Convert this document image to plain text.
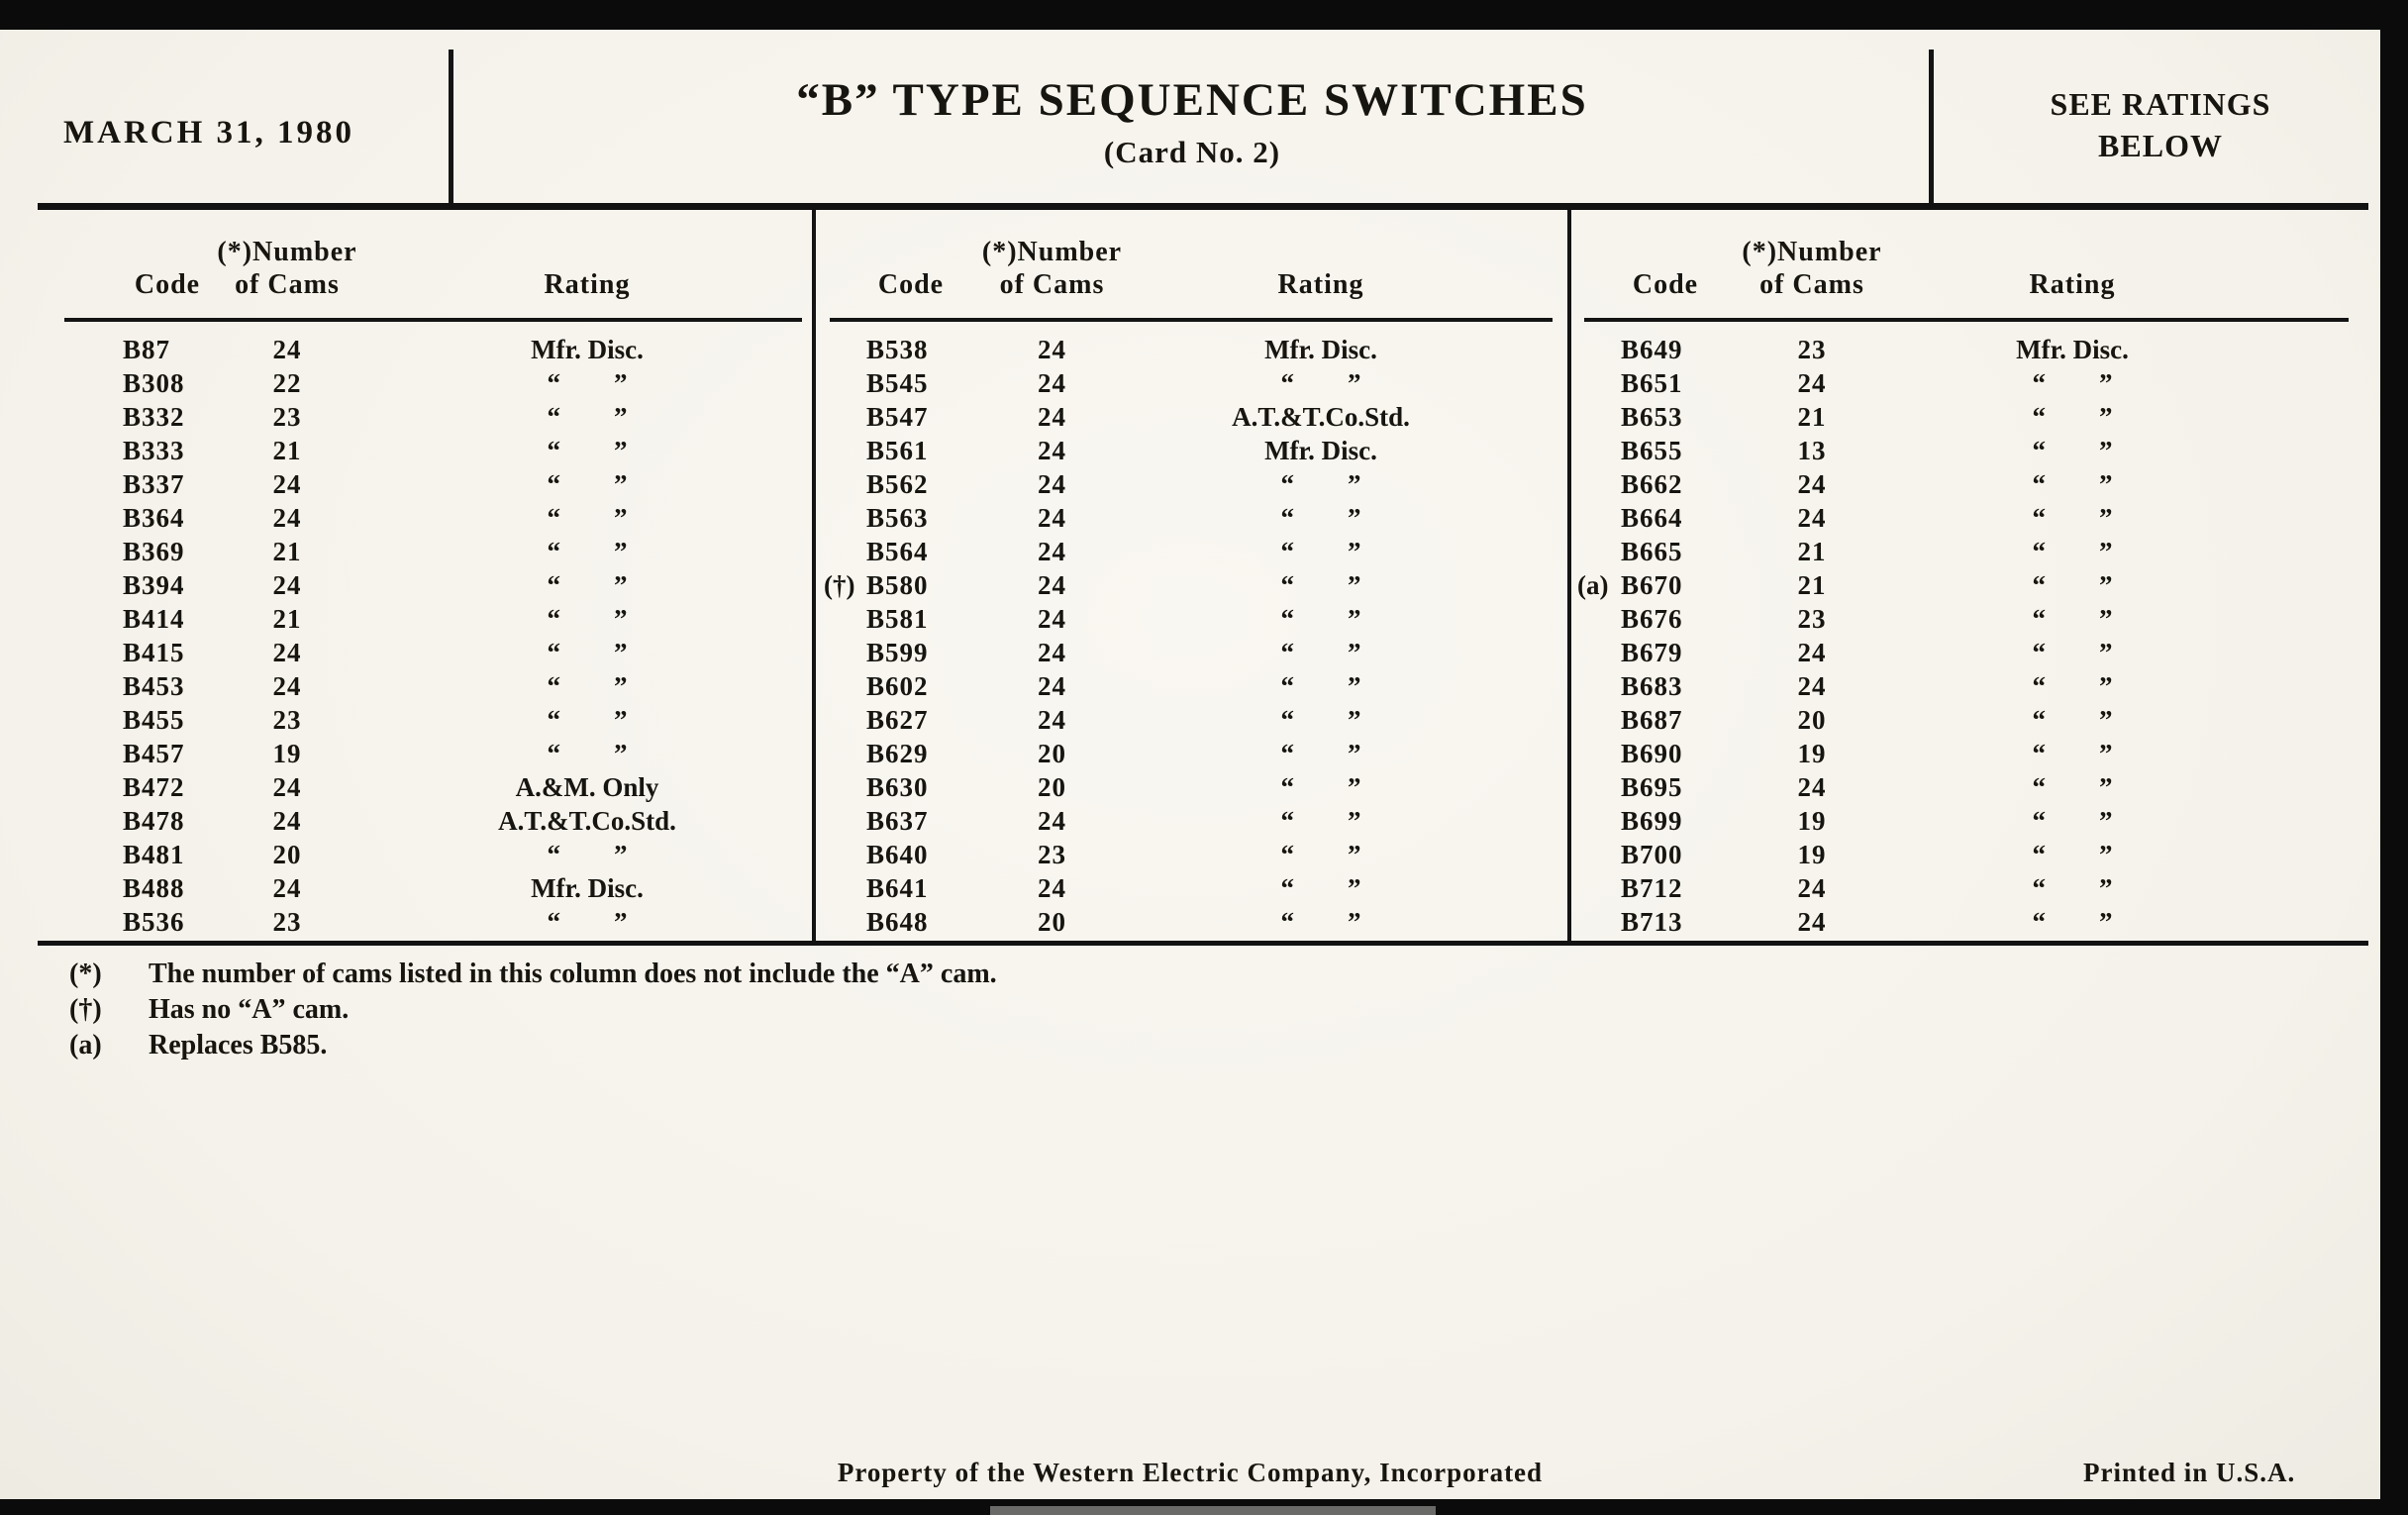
MARCH 31, 1980
“B” TYPE SEQUENCE SWITCHES
(Card No. 2)
SEE RATINGS
BELOW
Code
(*)Number
of Cams	Rating
B87	24	Mfr. Disc.
B308	22	“  ”
B332	23	“  ”
B333	21	“  ”
B337	24	“  ”
B364	24	“  ”
B369	21	“  ”
B394	24	“  ”
B414	21	“  ”
B415	24	“  ”
B453	24	“  ”
B455	23	“  ”
B457	19	“  ”
B472	24	A.&M. Only
B478	24	A.T.&T.Co.Std.
B481	20	“  ”
B488	24	Mfr. Disc.
B536	23	“  ”
Code
(*)Number
of Cams	Rating
B538	24	Mfr. Disc.
B545	24	“  ”
B547	24	A.T.&T.Co.Std.
B561	24	Mfr. Disc.
B562	24	“  ”
B563	24	“  ”
B564	24	“  ”
(†) B580	24	“  ”
B581	24	“  ”
B599	24	“  ”
B602	24	“  ”
B627	24	“  ”
B629	20	“  ”
B630	20	“  ”
B637	24	“  ”
B640	23	“  ”
B641	24	“  ”
B648	20	“  ”
Code
(*)Number
of Cams	Rating
B649	23	Mfr. Disc.
B651	24	“  ”
B653	21	“  ”
B655	13	“  ”
B662	24	“  ”
B664	24	“  ”
B665	21	“  ”
(a) B670	21	“  ”
B676	23	“  ”
B679	24	“  ”
B683	24	“  ”
B687	20	“  ”
B690	19	“  ”
B695	24	“  ”
B699	19	“  ”
B700	19	“  ”
B712	24	“  ”
B713	24	“  ”
(*)	The number of cams listed in this column does not include the “A” cam.
(†)	Has no “A” cam.
(a)	Replaces B585.
Property of the Western Electric Company, Incorporated	Printed in U.S.A.
